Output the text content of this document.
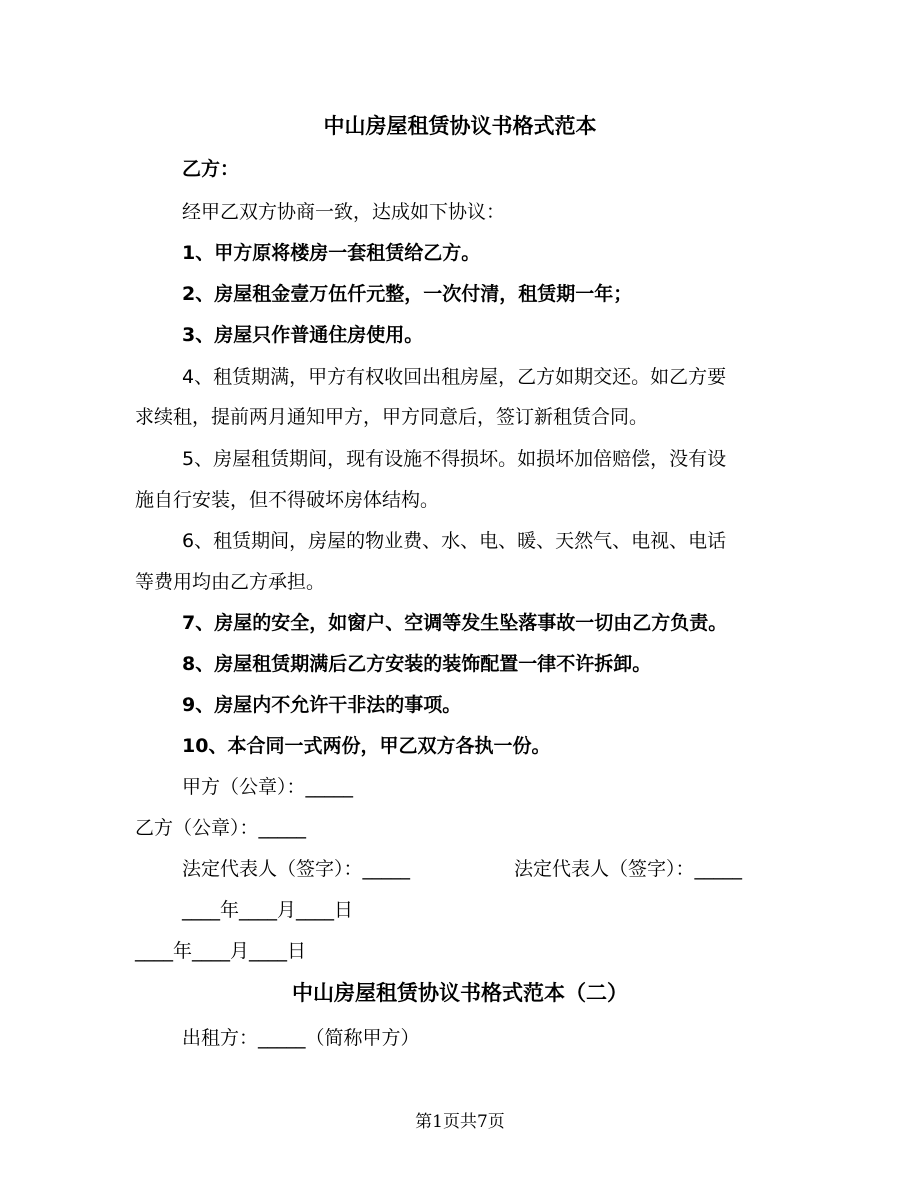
中山房屋租赁协议书格式范本
乙方：
经甲乙双方协商一致，达成如下协议：
1、甲方原将楼房一套租赁给乙方。
2、房屋租金壹万伍仟元整，一次付清，租赁期一年；
3、房屋只作普通住房使用。
4、租赁期满，甲方有权收回出租房屋，乙方如期交还。如乙方要
求续租，提前两月通知甲方，甲方同意后，签订新租赁合同。
5、房屋租赁期间，现有设施不得损坏。如损坏加倍赔偿，没有设
施自行安装，但不得破坏房体结构。
6、租赁期间，房屋的物业费、水、电、暖、天然气、电视、电话
等费用均由乙方承担。
7、房屋的安全，如窗户、空调等发生坠落事故一切由乙方负责。
8、房屋租赁期满后乙方安装的装饰配置一律不许拆卸。
9、房屋内不允许干非法的事项。
10、本合同一式两份，甲乙双方各执一份。
甲方（公章）：_____
乙方（公章）：_____
法定代表人（签字）：_____	法定代表人（签字）：_____
____年____月____日
____年____月____日
中山房屋租赁协议书格式范本（二）
出租方：_____（简称甲方）
第1页共7页
